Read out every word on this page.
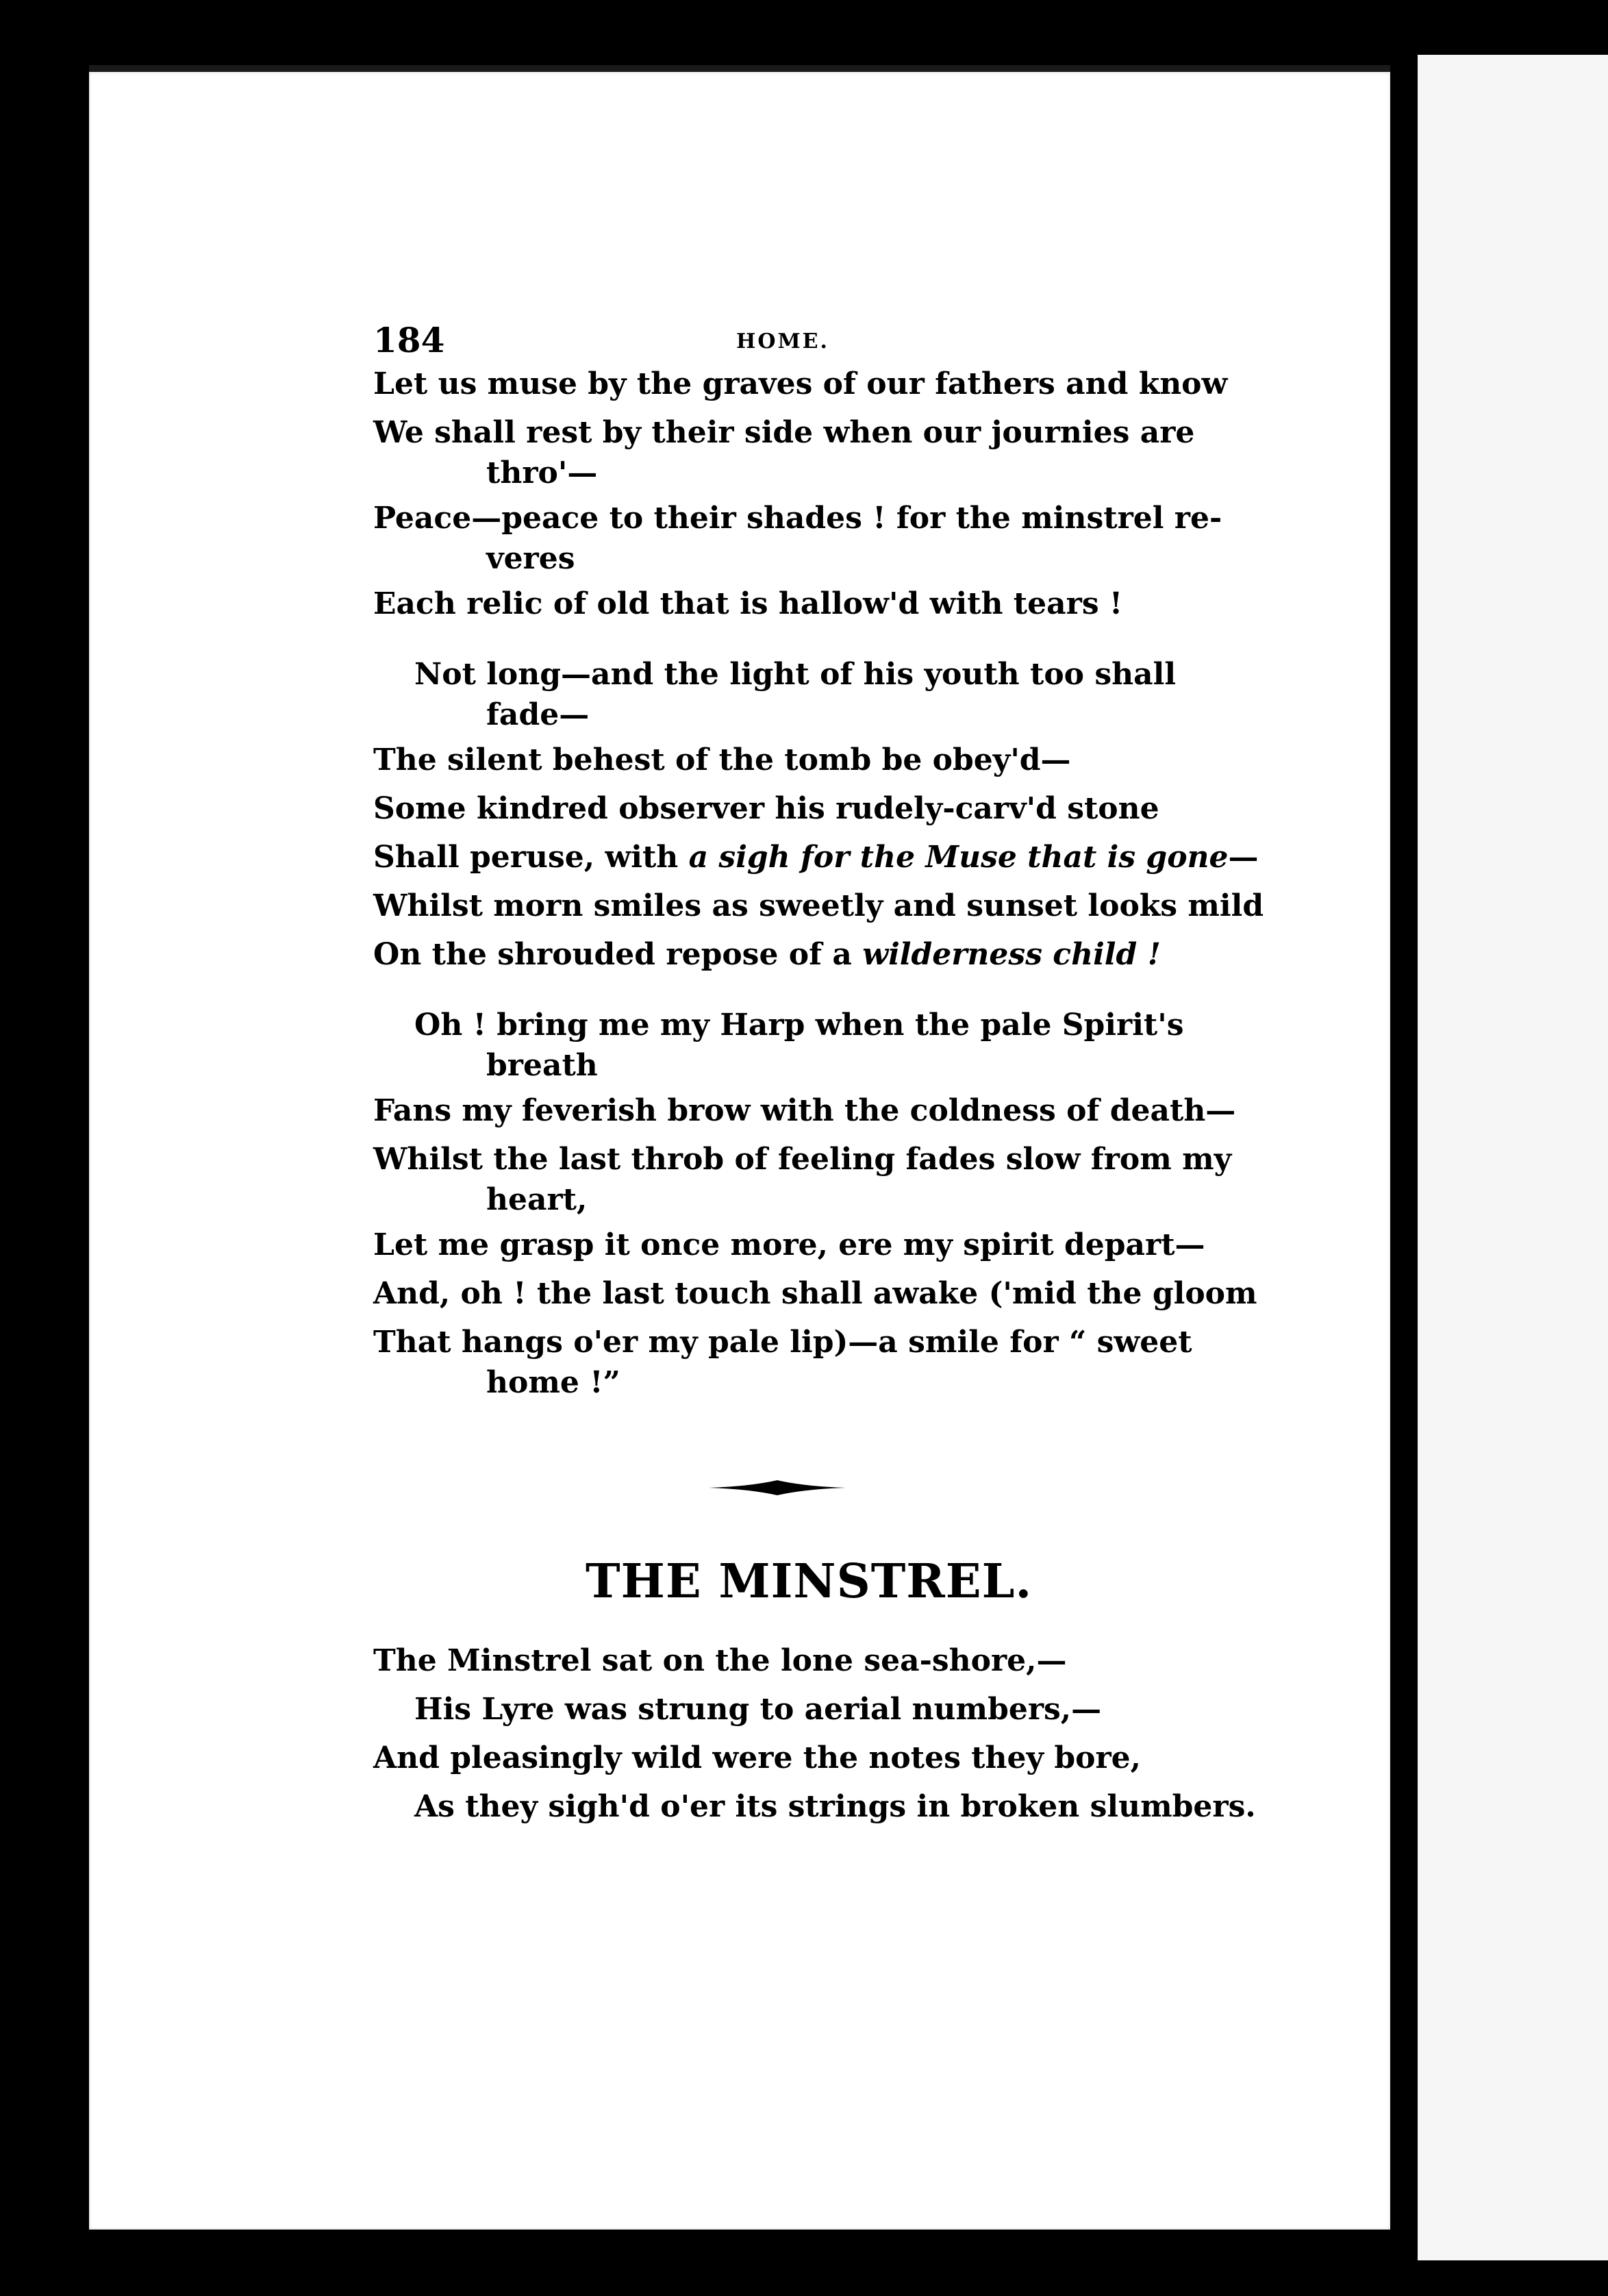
184	HOME.
Let us muse by the graves of our fathers and know
We shall rest by their side when our journies are
thro'—
Peace—peace to their shades ! for the minstrel re-
veres
Each relic of old that is hallow'd with tears !
Not long—and the light of his youth too shall
fade—
The silent behest of the tomb be obey'd—
Some kindred observer his rudely-carv'd stone
Shall peruse, with a sigh for the Muse that is gone—
Whilst morn smiles as sweetly and sunset looks mild
On the shrouded repose of a wilderness child !
Oh ! bring me my Harp when the pale Spirit's
breath
Fans my feverish brow with the coldness of death—
Whilst the last throb of feeling fades slow from my
heart,
Let me grasp it once more, ere my spirit depart—
And, oh ! the last touch shall awake ('mid the gloom
That hangs o'er my pale lip)—a smile for “ sweet
home !”
THE MINSTREL.
The Minstrel sat on the lone sea-shore,—
His Lyre was strung to aerial numbers,—
And pleasingly wild were the notes they bore,
As they sigh'd o'er its strings in broken slumbers.
